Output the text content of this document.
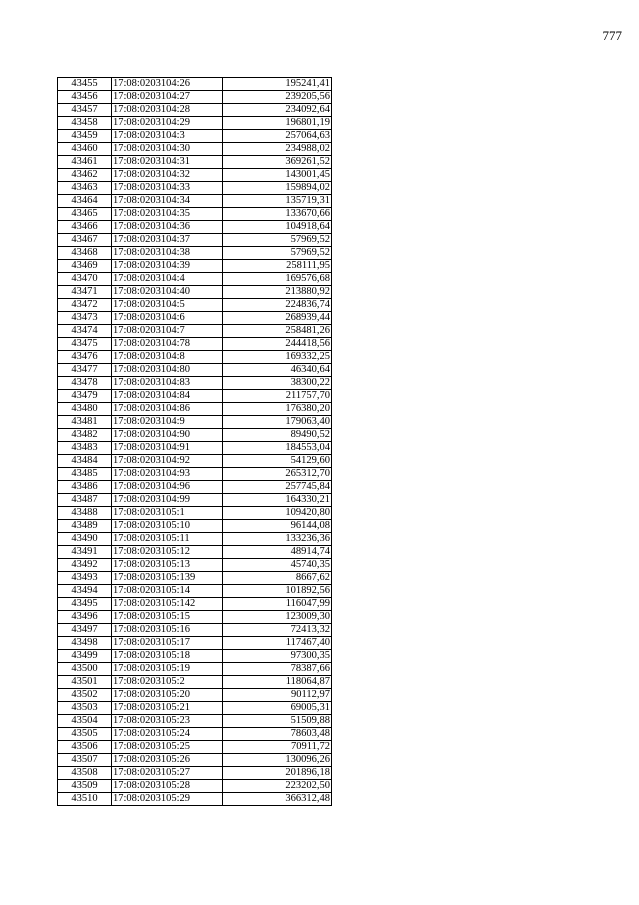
777
43455	17:08:0203104:26	195241,41
43456	17:08:0203104:27	239205,56
43457	17:08:0203104:28	234092,64
43458	17:08:0203104:29	196801,19
43459	17:08:0203104:3	257064,63
43460	17:08:0203104:30	234988,02
43461	17:08:0203104:31	369261,52
43462	17:08:0203104:32	143001,45
43463	17:08:0203104:33	159894,02
43464	17:08:0203104:34	135719,31
43465	17:08:0203104:35	133670,66
43466	17:08:0203104:36	104918,64
43467	17:08:0203104:37	57969,52
43468	17:08:0203104:38	57969,52
43469	17:08:0203104:39	258111,95
43470	17:08:0203104:4	169576,68
43471	17:08:0203104:40	213880,92
43472	17:08:0203104:5	224836,74
43473	17:08:0203104:6	268939,44
43474	17:08:0203104:7	258481,26
43475	17:08:0203104:78	244418,56
43476	17:08:0203104:8	169332,25
43477	17:08:0203104:80	46340,64
43478	17:08:0203104:83	38300,22
43479	17:08:0203104:84	211757,70
43480	17:08:0203104:86	176380,20
43481	17:08:0203104:9	179063,40
43482	17:08:0203104:90	89490,52
43483	17:08:0203104:91	184553,04
43484	17:08:0203104:92	54129,60
43485	17:08:0203104:93	265312,70
43486	17:08:0203104:96	257745,84
43487	17:08:0203104:99	164330,21
43488	17:08:0203105:1	109420,80
43489	17:08:0203105:10	96144,08
43490	17:08:0203105:11	133236,36
43491	17:08:0203105:12	48914,74
43492	17:08:0203105:13	45740,35
43493	17:08:0203105:139	8667,62
43494	17:08:0203105:14	101892,56
43495	17:08:0203105:142	116047,99
43496	17:08:0203105:15	123009,30
43497	17:08:0203105:16	72413,32
43498	17:08:0203105:17	117467,40
43499	17:08:0203105:18	97300,35
43500	17:08:0203105:19	78387,66
43501	17:08:0203105:2	118064,87
43502	17:08:0203105:20	90112,97
43503	17:08:0203105:21	69005,31
43504	17:08:0203105:23	51509,88
43505	17:08:0203105:24	78603,48
43506	17:08:0203105:25	70911,72
43507	17:08:0203105:26	130096,26
43508	17:08:0203105:27	201896,18
43509	17:08:0203105:28	223202,50
43510	17:08:0203105:29	366312,48
